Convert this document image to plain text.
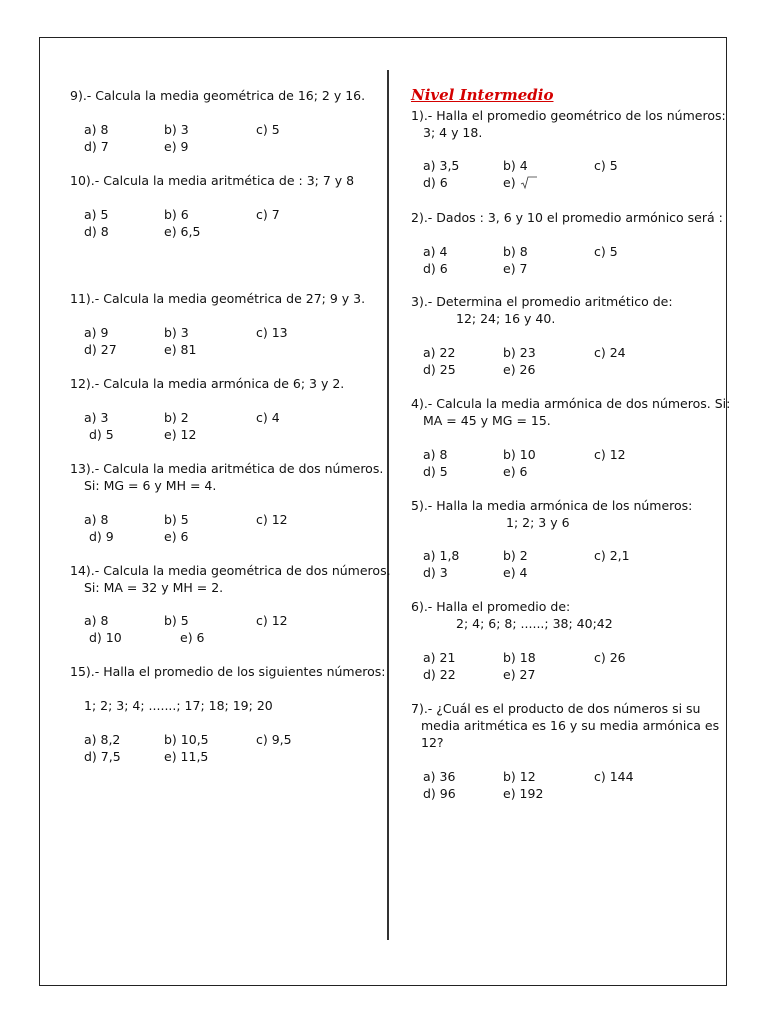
Nivel Intermedio
9).- Calcula la media geométrica de 16; 2 y 16.
a) 8	b) 3	c) 5
d) 7	e) 9
10).- Calcula la media aritmética de : 3; 7 y 8
a) 5	b) 6	c) 7
d) 8	e) 6,5
11).- Calcula la media geométrica de 27; 9 y 3.
a) 9	b) 3	c) 13
d) 27	e) 81
12).- Calcula la media armónica de 6; 3 y 2.
a) 3	b) 2	c) 4
d) 5	e) 12
13).- Calcula la media aritmética de dos números.
Si: MG = 6 y MH = 4.
a) 8	b) 5	c) 12
d) 9	e) 6
14).- Calcula la media geométrica de dos números.
Si: MA = 32 y MH = 2.
a) 8	b) 5	c) 12
d) 10	e) 6
15).- Halla el promedio de los siguientes números:
1; 2; 3; 4; .......; 17; 18; 19; 20
a) 8,2	b) 10,5	c) 9,5
d) 7,5	e) 11,5
1).- Halla el promedio geométrico de los números:
3; 4 y 18.
a) 3,5	b) 4	c) 5
d) 6	e)
2).- Dados : 3, 6 y 10 el promedio armónico será :
a) 4	b) 8	c) 5
d) 6	e) 7
3).- Determina el promedio aritmético de:
12; 24; 16 y 40.
a) 22	b) 23	c) 24
d) 25	e) 26
4).- Calcula la media armónica de dos números. Si:
MA = 45 y MG = 15.
a) 8	b) 10	c) 12
d) 5	e) 6
5).- Halla la media armónica de los números:
1; 2; 3 y 6
a) 1,8	b) 2	c) 2,1
d) 3	e) 4
6).- Halla el promedio de:
2; 4; 6; 8; ......; 38; 40;42
a) 21	b) 18	c) 26
d) 22	e) 27
7).- ¿Cuál es el producto de dos números si su
media aritmética es 16 y su media armónica es
12?
a) 36	b) 12	c) 144
d) 96	e) 192
